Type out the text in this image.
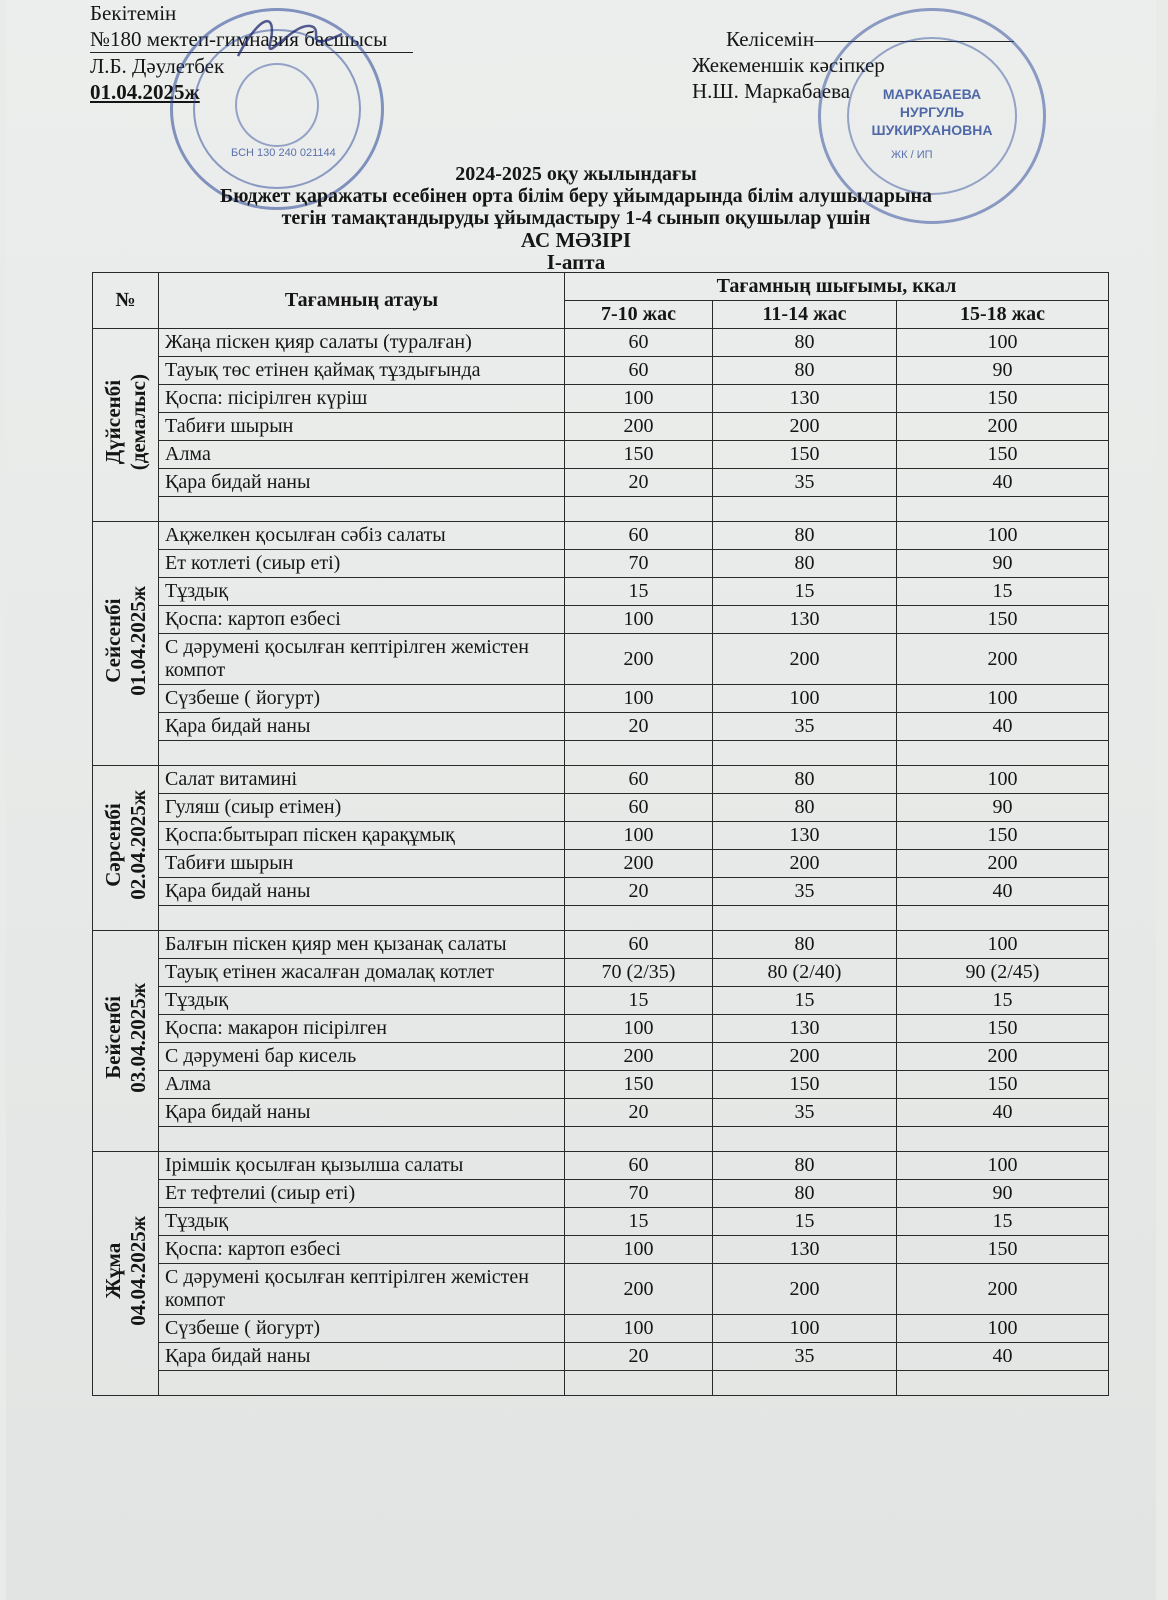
Бекітемін
№180 мектеп-гимназия басшысы
Л.Б. Дәулетбек
01.04.2025ж
Келісемін
Жекеменшік кәсіпкер
Н.Ш. Маркабаева
БСН 130 240 021144
МАРКАБАЕВА НУРГУЛЬ ШУКИРХАНОВНА
ЖК / ИП
2024-2025 оқу жылындағы
Бюджет қаражаты есебінен орта білім беру ұйымдарында білім алушыларына
тегін тамақтандыруды ұйымдастыру 1-4 сынып оқушылар үшін
АС МӘЗІРІ
І-апта
№	Тағамның атауы	Тағамның шығымы, ккал		
		7-10 жас	11-14 жас	15-18 жас
Дүйсенбі
(демалыс)	Жаңа піскен қияр салаты (туралған)	60	80	100
	Тауық төс етінен қаймақ тұздығында	60	80	90
	Қоспа: пісірілген күріш	100	130	150
	Табиғи шырын	200	200	200
	Алма	150	150	150
	Қара бидай наны	20	35	40

Сейсенбі
01.04.2025ж	Ақжелкен қосылған сәбіз салаты	60	80	100
	Ет котлеті (сиыр еті)	70	80	90
	Тұздық	15	15	15
	Қоспа: картоп езбесі	100	130	150
	С дәрумені қосылған кептірілген жемістен компот	200	200	200
	Сүзбеше ( йогурт)	100	100	100
	Қара бидай наны	20	35	40

Сәрсенбі
02.04.2025ж	Салат витамині	60	80	100
	Гуляш (сиыр етімен)	60	80	90
	Қоспа:бытырап піскен қарақұмық	100	130	150
	Табиғи шырын	200	200	200
	Қара бидай наны	20	35	40

Бейсенбі
03.04.2025ж	Балғын піскен қияр мен қызанақ салаты	60	80	100
	Тауық етінен жасалған домалақ котлет	70 (2/35)	80 (2/40)	90 (2/45)
	Тұздық	15	15	15
	Қоспа: макарон пісірілген	100	130	150
	С дәрумені бар кисель	200	200	200
	Алма	150	150	150
	Қара бидай наны	20	35	40

Жұма
04.04.2025ж	Ірімшік қосылған қызылша салаты	60	80	100
	Ет тефтелиі (сиыр еті)	70	80	90
	Тұздық	15	15	15
	Қоспа: картоп езбесі	100	130	150
	С дәрумені қосылған кептірілген жемістен компот	200	200	200
	Сүзбеше ( йогурт)	100	100	100
	Қара бидай наны	20	35	40
